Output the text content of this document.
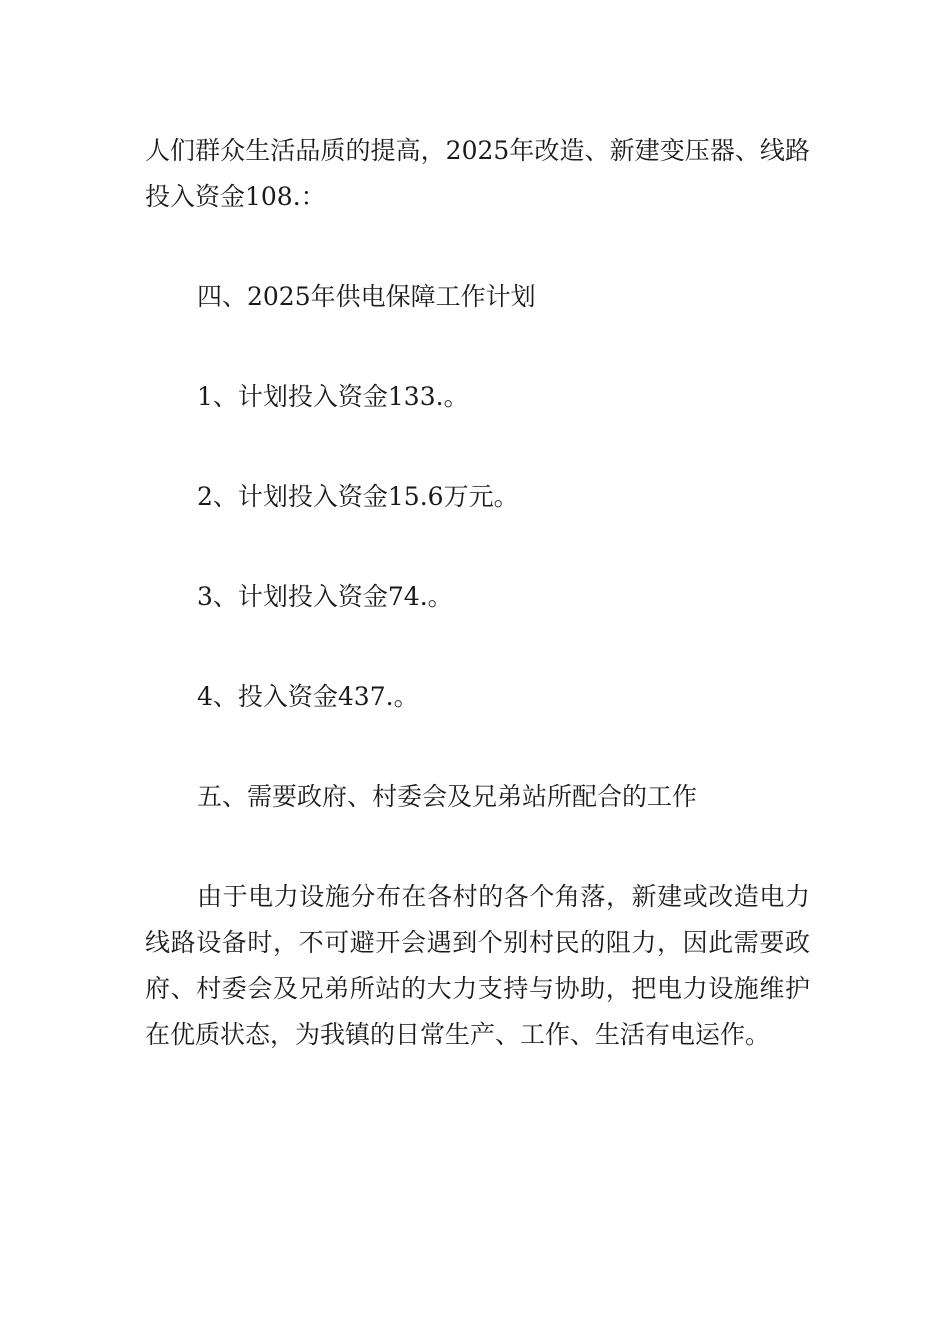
人们群众生活品质的提高，2025年改造、新建变压器、线路投入资金108.：

四、2025年供电保障工作计划

1、计划投入资金133.。

2、计划投入资金15.6万元。

3、计划投入资金74.。

4、投入资金437.。

五、需要政府、村委会及兄弟站所配合的工作

由于电力设施分布在各村的各个角落，新建或改造电力线路设备时，不可避开会遇到个别村民的阻力，因此需要政府、村委会及兄弟所站的大力支持与协助，把电力设施维护在优质状态，为我镇的日常生产、工作、生活有电运作。
